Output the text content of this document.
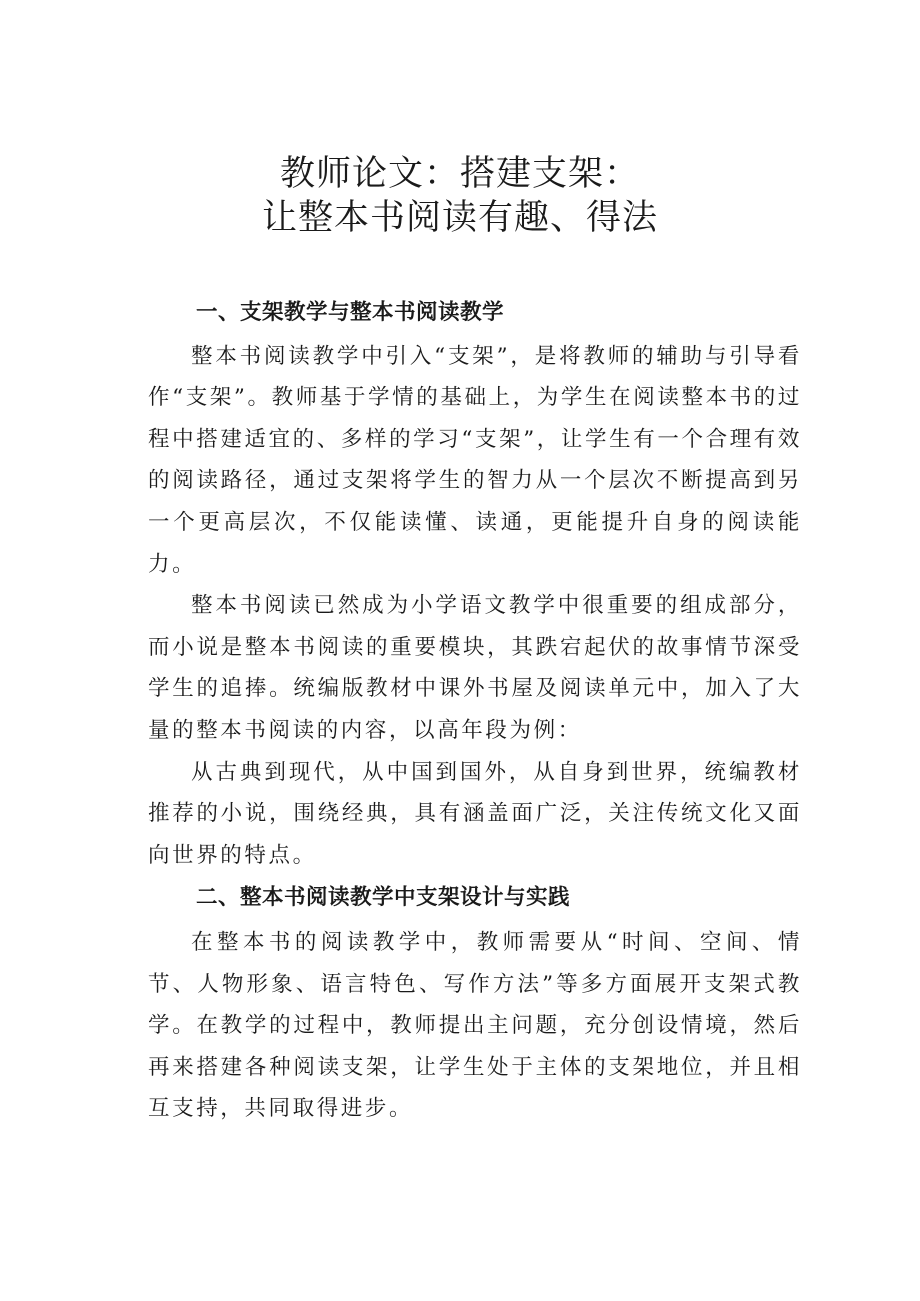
教师论文：搭建支架：
让整本书阅读有趣、得法
一、支架教学与整本书阅读教学

整本书阅读教学中引入“支架”，是将教师的辅助与引导看作“支架”。教师基于学情的基础上，为学生在阅读整本书的过程中搭建适宜的、多样的学习“支架”，让学生有一个合理有效的阅读路径，通过支架将学生的智力从一个层次不断提高到另一个更高层次，不仅能读懂、读通，更能提升自身的阅读能力。

整本书阅读已然成为小学语文教学中很重要的组成部分，而小说是整本书阅读的重要模块，其跌宕起伏的故事情节深受学生的追捧。统编版教材中课外书屋及阅读单元中，加入了大量的整本书阅读的内容，以高年段为例：

从古典到现代，从中国到国外，从自身到世界，统编教材推荐的小说，围绕经典，具有涵盖面广泛，关注传统文化又面向世界的特点。

二、整本书阅读教学中支架设计与实践

在整本书的阅读教学中，教师需要从“时间、空间、情节、人物形象、语言特色、写作方法”等多方面展开支架式教学。在教学的过程中，教师提出主问题，充分创设情境，然后再来搭建各种阅读支架，让学生处于主体的支架地位，并且相互支持，共同取得进步。
